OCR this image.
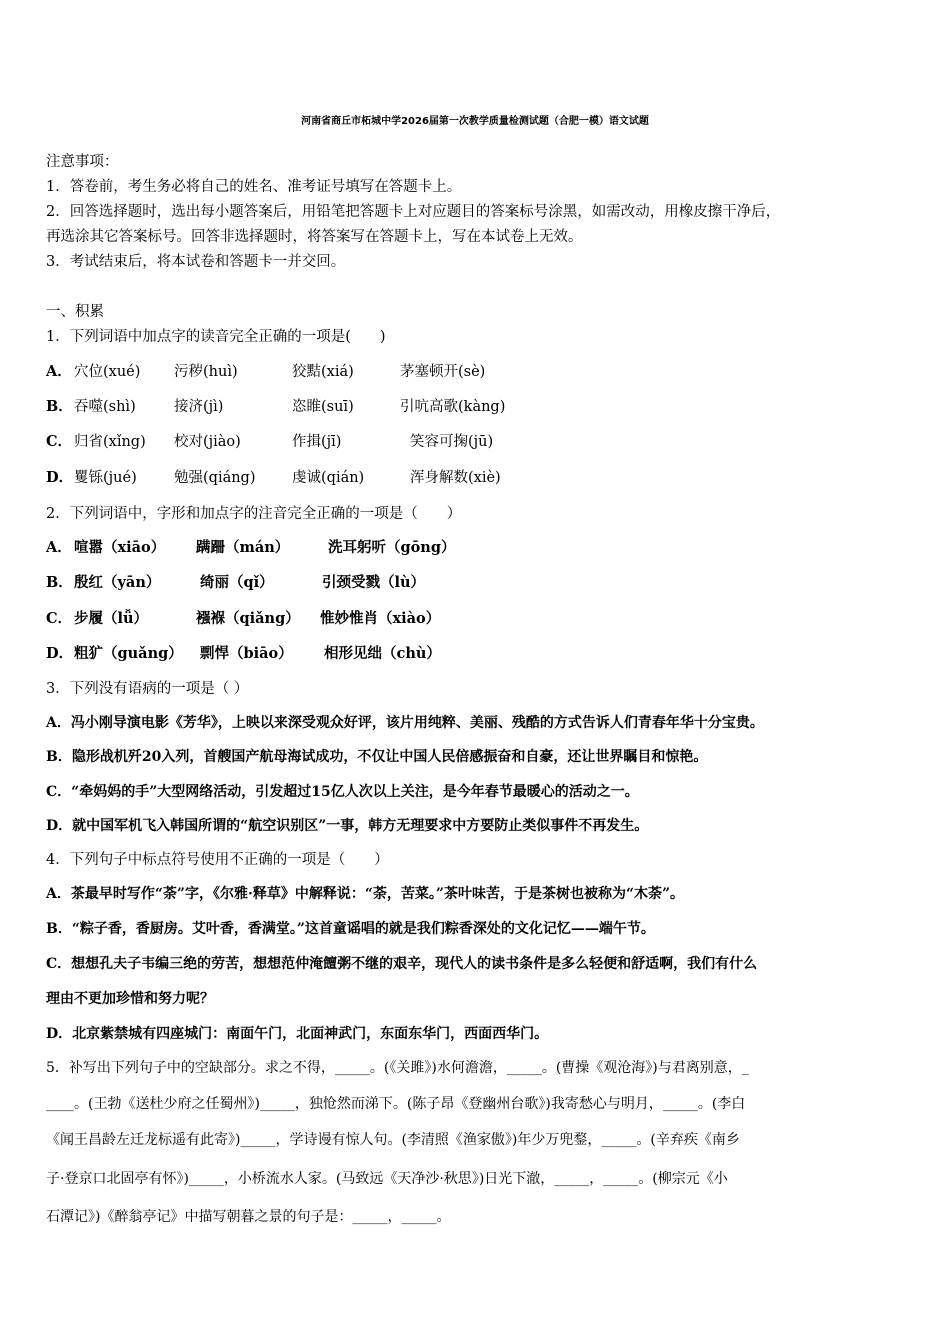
河南省商丘市柘城中学2026届第一次教学质量检测试题（合肥一模）语文试题
注意事项：
1．答卷前，考生务必将自己的姓名、准考证号填写在答题卡上。
2．回答选择题时，选出每小题答案后，用铅笔把答题卡上对应题目的答案标号涂黑，如需改动，用橡皮擦干净后，
再选涂其它答案标号。回答非选择题时，将答案写在答题卡上，写在本试卷上无效。
3．考试结束后，将本试卷和答题卡一并交回。
一、积累
1．下列词语中加点字的读音完全正确的一项是(　　)
A． 穴位(xué) 污秽(huì)	狡黠(xiá)	茅塞顿开(sè)
B． 吞噬(shì)	接济(jì)	恣睢(suī)	引吭高歌(kàng)
C． 归省(xǐng) 校对(jiào)	作揖(jī)	笑容可掬(jū)
D． 矍铄(jué)	勉强(qiáng)	虔诚(qián)	浑身解数(xiè)
2．下列词语中，字形和加点字的注音完全正确的一项是（　　）
A． 喧嚣（xiāo） 蹒跚（mán）	洗耳躬听（gōng）
B． 殷红（yān）	绮丽（qǐ）	引颈受戮（lù）
C． 步履（lǚ）	襁褓（qiǎng） 惟妙惟肖（xiào）
D． 粗犷（guǎng） 剽悍（biāo） 相形见绌（chù）
3．下列没有语病的一项是（ ）
A．冯小刚导演电影《芳华》，上映以来深受观众好评，该片用纯粹、美丽、残酷的方式告诉人们青春年华十分宝贵。
B．隐形战机歼20入列，首艘国产航母海试成功，不仅让中国人民倍感振奋和自豪，还让世界瞩目和惊艳。
C．“牵妈妈的手”大型网络活动，引发超过15亿人次以上关注，是今年春节最暖心的活动之一。
D．就中国军机飞入韩国所谓的“航空识别区”一事，韩方无理要求中方要防止类似事件不再发生。
4．下列句子中标点符号使用不正确的一项是（　　）
A．茶最早时写作“荼”字，《尔雅·释草》中解释说：“荼，苦菜。”茶叶味苦，于是茶树也被称为“木荼”。
B．“粽子香，香厨房。艾叶香，香满堂。”这首童谣唱的就是我们粽香深处的文化记忆——端午节。
C．想想孔夫子韦编三绝的劳苦，想想范仲淹饘粥不继的艰辛，现代人的读书条件是多么轻便和舒适啊，我们有什么
理由不更加珍惜和努力呢？
D．北京紫禁城有四座城门：南面午门，北面神武门，东面东华门，西面西华门。
5．补写出下列句子中的空缺部分。求之不得，_____。(《关雎》)水何澹澹，_____。(曹操《观沧海》)与君离别意，_
____。(王勃《送杜少府之任蜀州》)_____，独怆然而涕下。(陈子昂《登幽州台歌》)我寄愁心与明月，_____。(李白
《闻王昌龄左迁龙标遥有此寄》)_____，学诗谩有惊人句。(李清照《渔家傲》)年少万兜鍪，_____。(辛弃疾《南乡
子·登京口北固亭有怀》)_____，小桥流水人家。(马致远《天净沙·秋思》)日光下澈，_____，_____。(柳宗元《小
石潭记》)《醉翁亭记》中描写朝暮之景的句子是：_____，_____。
